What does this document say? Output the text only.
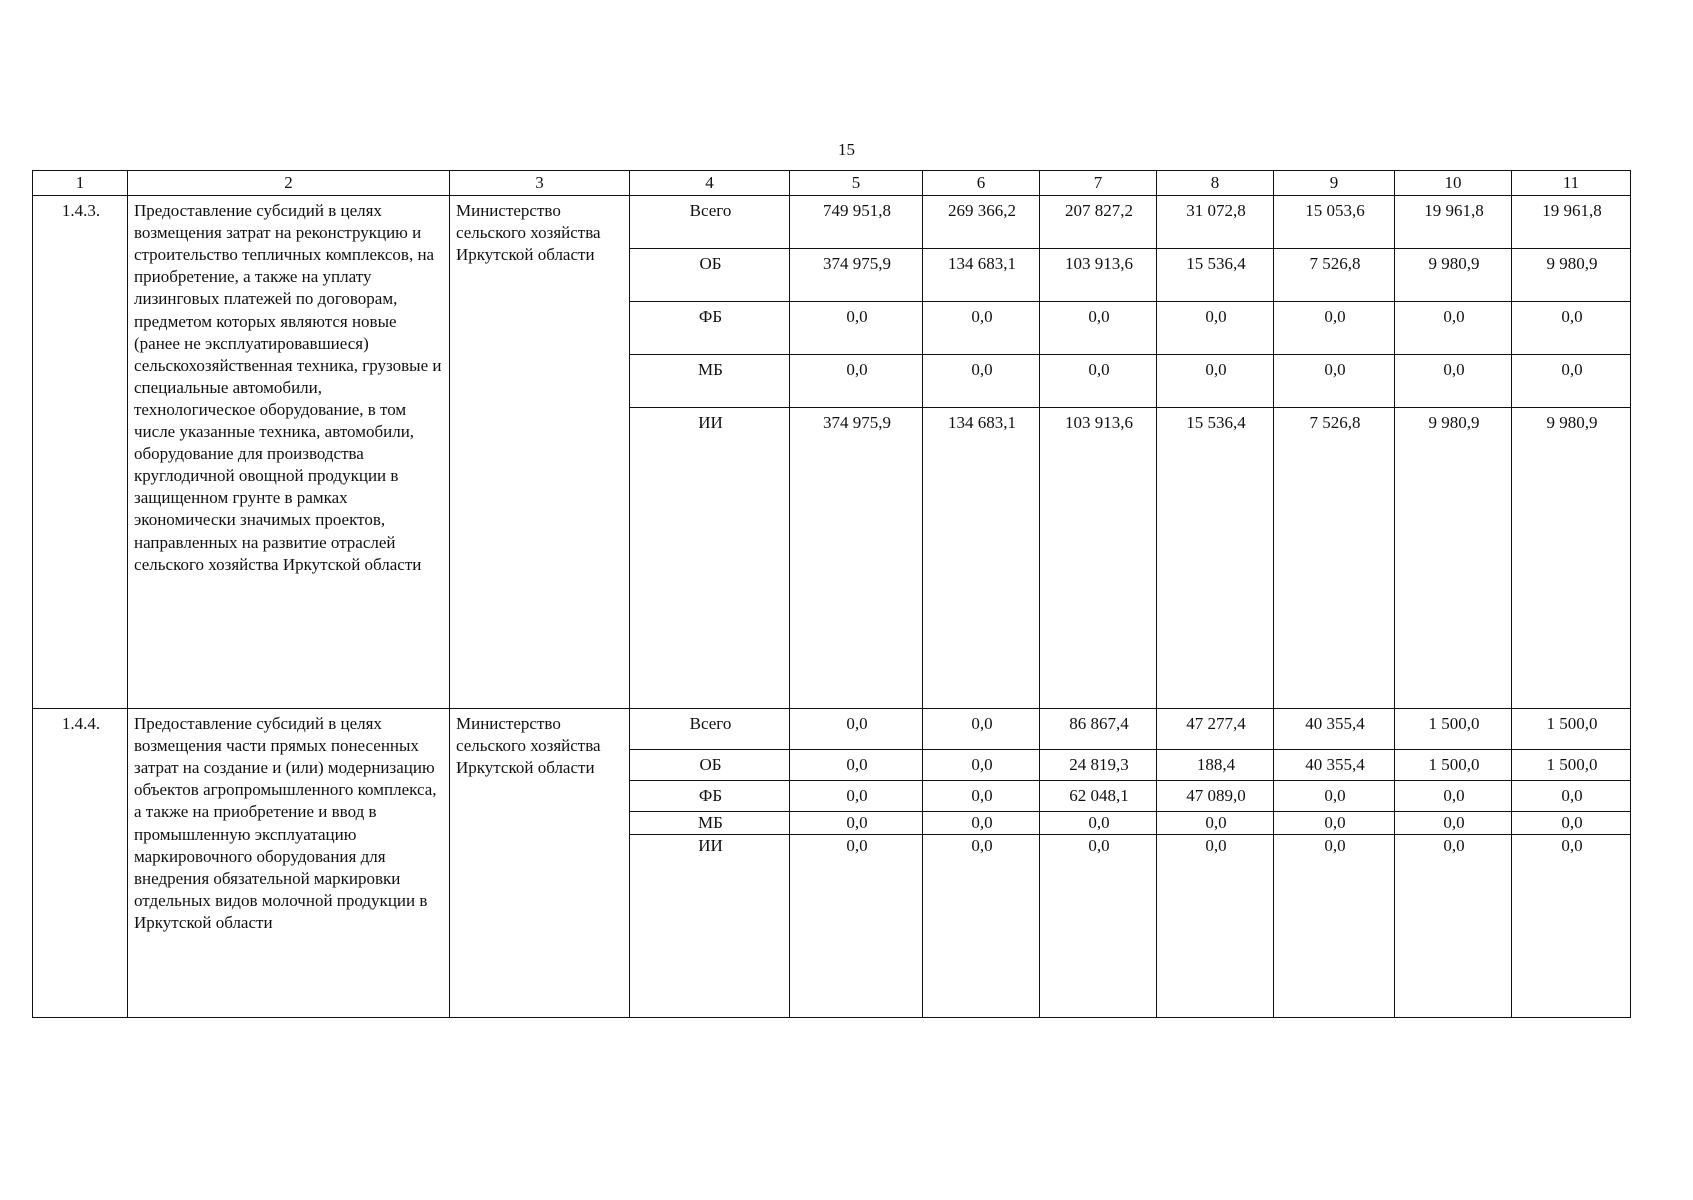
15
1	2	3	4	5	6	7	8	9	10	11
1.4.3.	Предоставление субсидий в целях возмещения затрат на реконструкцию и строительство тепличных комплексов, на приобретение, а также на уплату лизинговых платежей по договорам, предметом которых являются новые (ранее не эксплуатировавшиеся) сельскохозяйственная техника, грузовые и специальные автомобили, технологическое оборудование, в том числе указанные техника, автомобили, оборудование для производства круглодичной овощной продукции в защищенном грунте в рамках экономически значимых проектов, направленных на развитие отраслей сельского хозяйства Иркутской области	Министерство сельского хозяйства Иркутской области	Всего	749 951,8	269 366,2	207 827,2	31 072,8	15 053,6	19 961,8	19 961,8
			ОБ	374 975,9	134 683,1	103 913,6	15 536,4	7 526,8	9 980,9	9 980,9
			ФБ	0,0	0,0	0,0	0,0	0,0	0,0	0,0
			МБ	0,0	0,0	0,0	0,0	0,0	0,0	0,0
			ИИ	374 975,9	134 683,1	103 913,6	15 536,4	7 526,8	9 980,9	9 980,9
1.4.4.	Предоставление субсидий в целях возмещения части прямых понесенных затрат на создание и (или) модернизацию объектов агропромышленного комплекса, а также на приобретение и ввод в промышленную эксплуатацию маркировочного оборудования для внедрения обязательной маркировки отдельных видов молочной продукции в Иркутской области	Министерство сельского хозяйства Иркутской области	Всего	0,0	0,0	86 867,4	47 277,4	40 355,4	1 500,0	1 500,0
			ОБ	0,0	0,0	24 819,3	188,4	40 355,4	1 500,0	1 500,0
			ФБ	0,0	0,0	62 048,1	47 089,0	0,0	0,0	0,0
			МБ	0,0	0,0	0,0	0,0	0,0	0,0	0,0
			ИИ	0,0	0,0	0,0	0,0	0,0	0,0	0,0
